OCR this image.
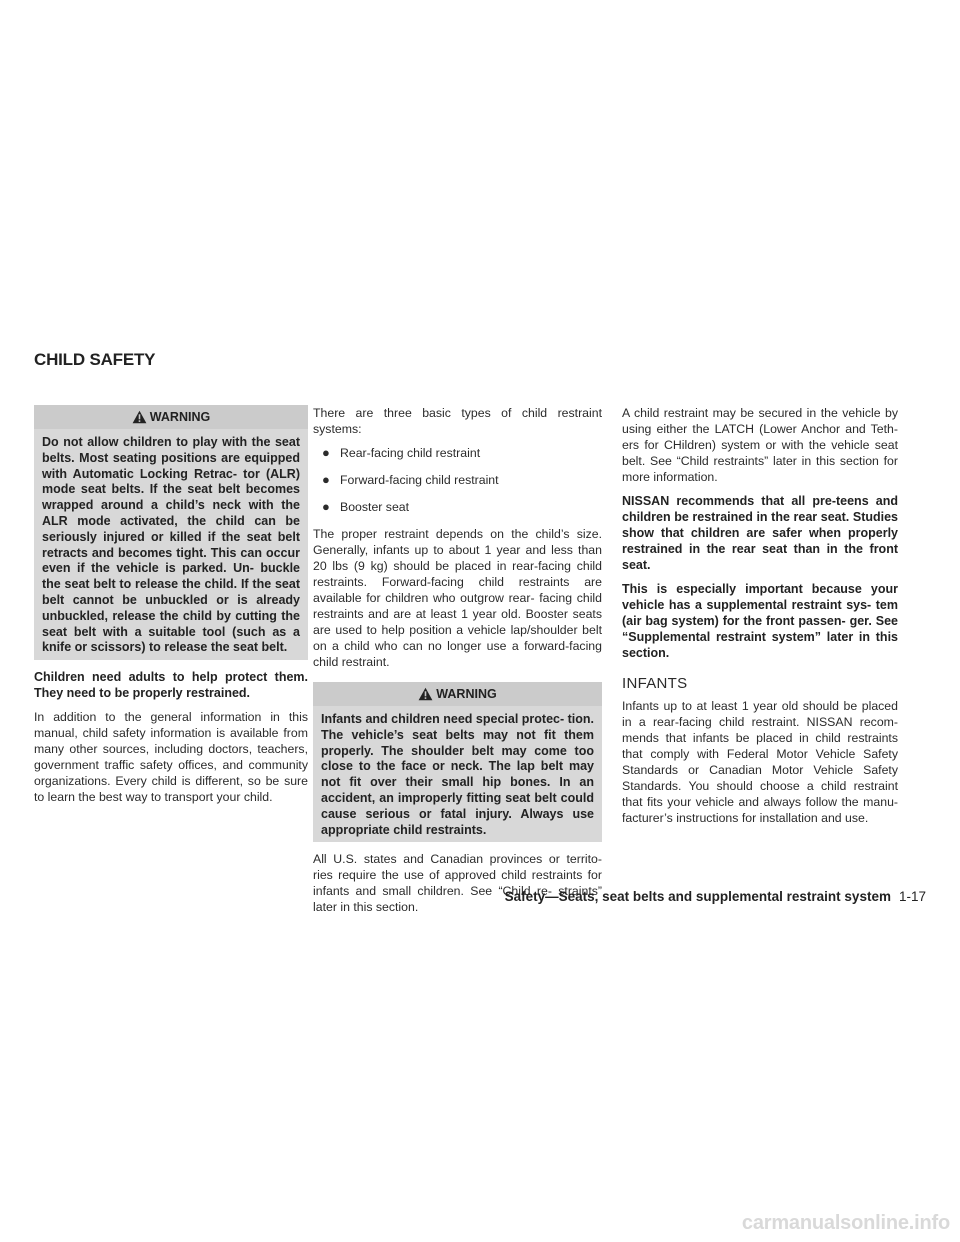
CHILD SAFETY
WARNING

Do not allow children to play with the seat belts. Most seating positions are equipped with Automatic Locking Retrac- tor (ALR) mode seat belts. If the seat belt becomes wrapped around a child’s neck with the ALR mode activated, the child can be seriously injured or killed if the seat belt retracts and becomes tight. This can occur even if the vehicle is parked. Un- buckle the seat belt to release the child. If the seat belt cannot be unbuckled or is already unbuckled, release the child by cutting the seat belt with a suitable tool (such as a knife or scissors) to release the seat belt.

Children need adults to help protect them. They need to be properly restrained.

In addition to the general information in this manual, child safety information is available from many other sources, including doctors, teachers, government traffic safety offices, and community organizations. Every child is different, so be sure to learn the best way to transport your child.

There are three basic types of child restraint systems:

● Rear-facing child restraint
● Forward-facing child restraint
● Booster seat

The proper restraint depends on the child’s size. Generally, infants up to about 1 year and less than 20 lbs (9 kg) should be placed in rear-facing child restraints. Forward-facing child restraints are available for children who outgrow rear- facing child restraints and are at least 1 year old. Booster seats are used to help position a vehicle lap/shoulder belt on a child who can no longer use a forward-facing child restraint.

WARNING

Infants and children need special protec- tion. The vehicle’s seat belts may not fit them properly. The shoulder belt may come too close to the face or neck. The lap belt may not fit over their small hip bones. In an accident, an improperly fitting seat belt could cause serious or fatal injury. Always use appropriate child restraints.

All U.S. states and Canadian provinces or territo- ries require the use of approved child restraints for infants and small children. See “Child re- straints” later in this section.

A child restraint may be secured in the vehicle by using either the LATCH (Lower Anchor and Teth- ers for CHildren) system or with the vehicle seat belt. See “Child restraints” later in this section for more information.

NISSAN recommends that all pre-teens and children be restrained in the rear seat. Studies show that children are safer when properly restrained in the rear seat than in the front seat.

This is especially important because your vehicle has a supplemental restraint sys- tem (air bag system) for the front passen- ger. See “Supplemental restraint system” later in this section.

INFANTS

Infants up to at least 1 year old should be placed in a rear-facing child restraint. NISSAN recom- mends that infants be placed in child restraints that comply with Federal Motor Vehicle Safety Standards or Canadian Motor Vehicle Safety Standards. You should choose a child restraint that fits your vehicle and always follow the manu- facturer’s instructions for installation and use.

Safety—Seats, seat belts and supplemental restraint system 1-17
carmanualsonline.info
